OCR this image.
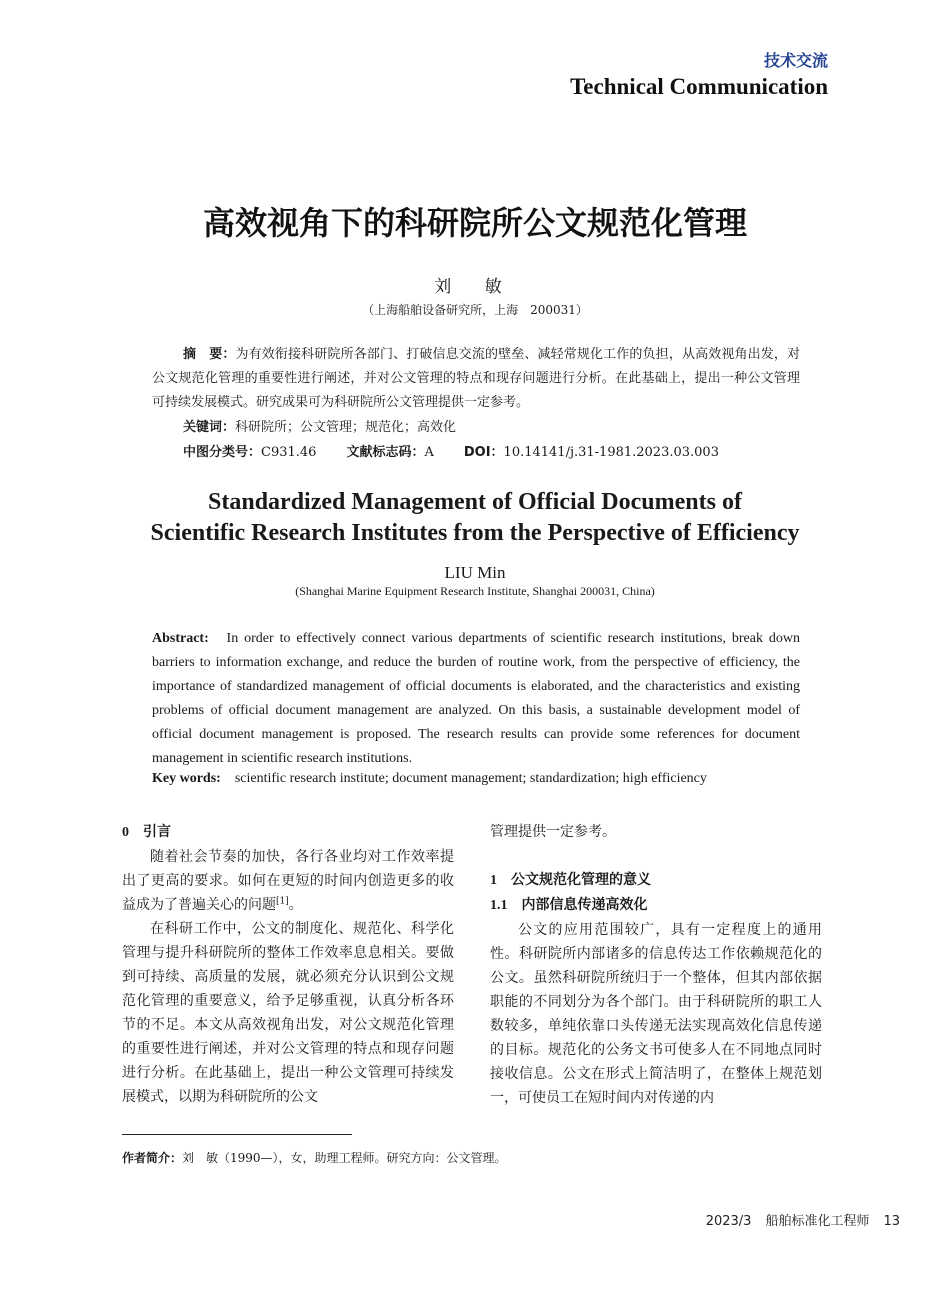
技术交流
Technical Communication
高效视角下的科研院所公文规范化管理
刘 敏
（上海船舶设备研究所，上海　200031）
摘　要：为有效衔接科研院所各部门、打破信息交流的壁垒、减轻常规化工作的负担，从高效视角出发，对公文规范化管理的重要性进行阐述，并对公文管理的特点和现存问题进行分析。在此基础上，提出一种公文管理可持续发展模式。研究成果可为科研院所公文管理提供一定参考。
关键词：科研院所；公文管理；规范化；高效化
中图分类号：C931.46 文献标志码：A DOI：10.14141/j.31-1981.2023.03.003
Standardized Management of Official Documents of
Scientific Research Institutes from the Perspective of Efficiency
LIU Min
(Shanghai Marine Equipment Research Institute, Shanghai 200031, China)
Abstract: In order to effectively connect various departments of scientific research institutions, break down barriers to information exchange, and reduce the burden of routine work, from the perspective of efficiency, the importance of standardized management of official documents is elaborated, and the characteristics and existing problems of official document management are analyzed. On this basis, a sustainable development model of official document management is proposed. The research results can provide some references for document management in scientific research institutions.
Key words: scientific research institute; document management; standardization; high efficiency

0 引言

随着社会节奏的加快，各行各业均对工作效率提出了更高的要求。如何在更短的时间内创造更多的收益成为了普遍关心的问题[1]。

在科研工作中，公文的制度化、规范化、科学化管理与提升科研院所的整体工作效率息息相关。要做到可持续、高质量的发展，就必须充分认识到公文规范化管理的重要意义，给予足够重视，认真分析各环节的不足。本文从高效视角出发，对公文规范化管理的重要性进行阐述，并对公文管理的特点和现存问题进行分析。在此基础上，提出一种公文管理可持续发展模式，以期为科研院所的公文

管理提供一定参考。

1 公文规范化管理的意义

1.1 内部信息传递高效化

公文的应用范围较广，具有一定程度上的通用性。科研院所内部诸多的信息传达工作依赖规范化的公文。虽然科研院所统归于一个整体，但其内部依据职能的不同划分为各个部门。由于科研院所的职工人数较多，单纯依靠口头传递无法实现高效化信息传递的目标。规范化的公务文书可使多人在不同地点同时接收信息。公文在形式上简洁明了，在整体上规范划一，可使员工在短时间内对传递的内

作者简介：刘　敏（1990—），女，助理工程师。研究方向：公文管理。
2023/3 船舶标准化工程师 13
